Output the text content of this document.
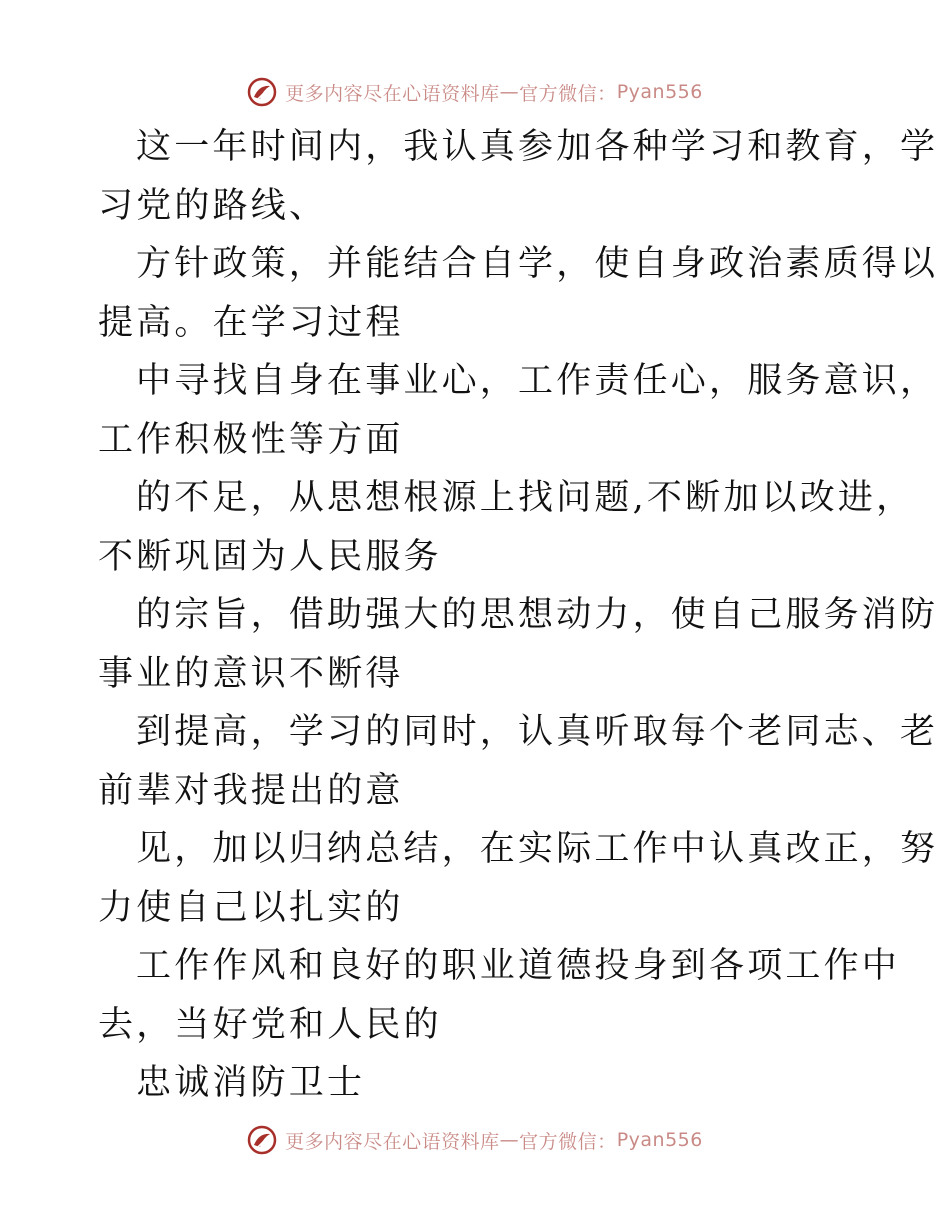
更多内容尽在心语资料库 — 官方微信： Pyan556
这一年时间内，我认真参加各种学习和教育，学
习党的路线、
方针政策，并能结合自学，使自身政治素质得以
提高。在学习过程
中寻找自身在事业心，工作责任心，服务意识，
工作积极性等方面
的不足，从思想根源上找问题,不断加以改进，
不断巩固为人民服务
的宗旨，借助强大的思想动力，使自己服务消防
事业的意识不断得
到提高，学习的同时，认真听取每个老同志、老
前辈对我提出的意
见，加以归纳总结，在实际工作中认真改正，努
力使自己以扎实的
工作作风和良好的职业道德投身到各项工作中
去，当好党和人民的
忠诚消防卫士
更多内容尽在心语资料库 — 官方微信： Pyan556
